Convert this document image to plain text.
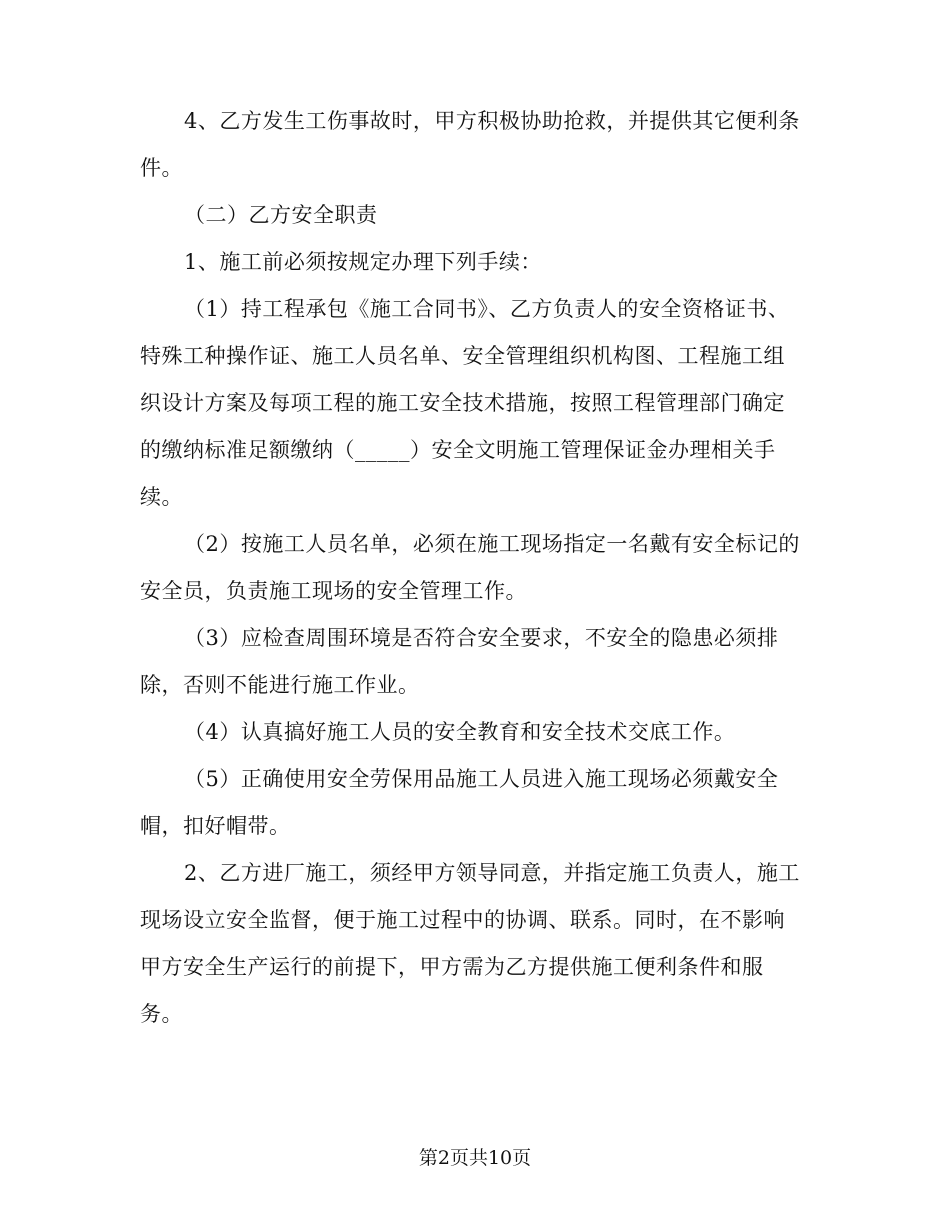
4、乙方发生工伤事故时，甲方积极协助抢救，并提供其它便利条
件。

（二）乙方安全职责

1、施工前必须按规定办理下列手续：

（1）持工程承包《施工合同书》、乙方负责人的安全资格证书、
特殊工种操作证、施工人员名单、安全管理组织机构图、工程施工组
织设计方案及每项工程的施工安全技术措施，按照工程管理部门确定
的缴纳标准足额缴纳（_____）安全文明施工管理保证金办理相关手
续。

（2）按施工人员名单，必须在施工现场指定一名戴有安全标记的
安全员，负责施工现场的安全管理工作。

（3）应检查周围环境是否符合安全要求，不安全的隐患必须排
除，否则不能进行施工作业。

（4）认真搞好施工人员的安全教育和安全技术交底工作。

（5）正确使用安全劳保用品施工人员进入施工现场必须戴安全
帽，扣好帽带。

2、乙方进厂施工，须经甲方领导同意，并指定施工负责人，施工
现场设立安全监督，便于施工过程中的协调、联系。同时，在不影响
甲方安全生产运行的前提下，甲方需为乙方提供施工便利条件和服
务。

第2页共10页
